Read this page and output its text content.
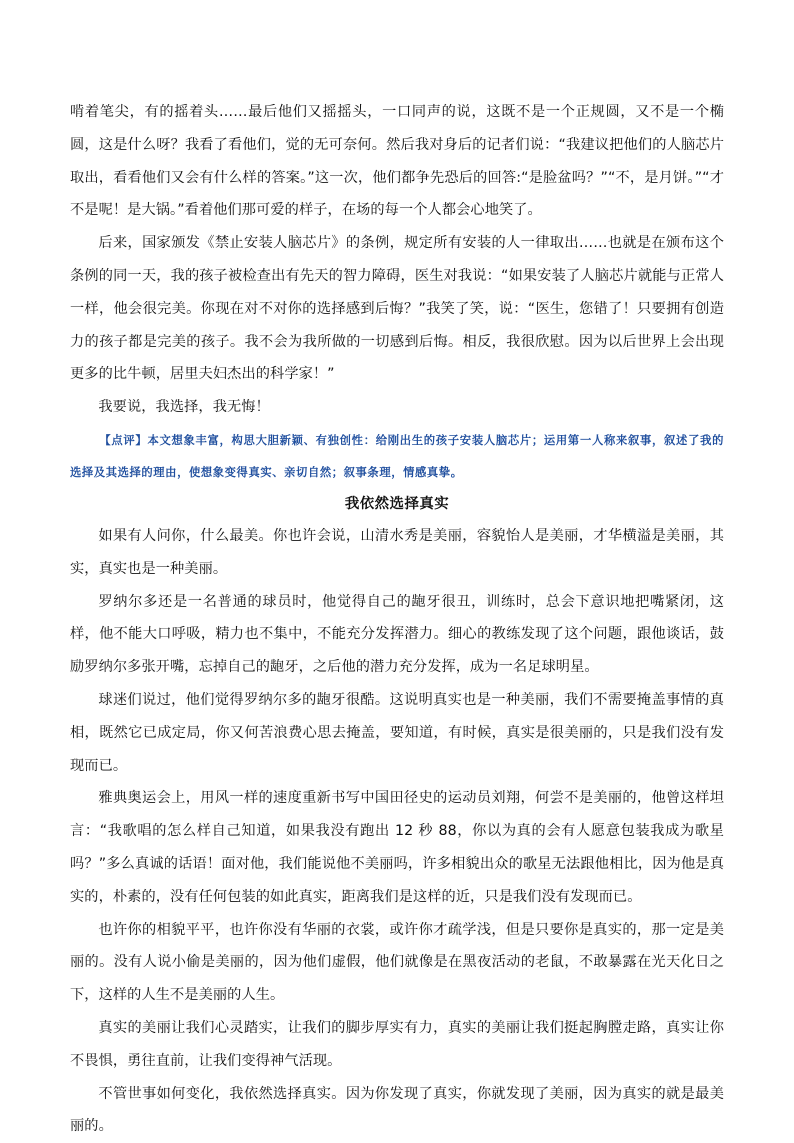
啃着笔尖，有的摇着头……最后他们又摇摇头，一口同声的说，这既不是一个正规圆，又不是一个椭圆，这是什么呀？我看了看他们，觉的无可奈何。然后我对身后的记者们说：“我建议把他们的人脑芯片取出，看看他们又会有什么样的答案。”这一次，他们都争先恐后的回答:“是脸盆吗？”“不，是月饼。”“才不是呢！是大锅。”看着他们那可爱的样子，在场的每一个人都会心地笑了。

后来，国家颁发《禁止安装人脑芯片》的条例，规定所有安装的人一律取出……也就是在颁布这个条例的同一天，我的孩子被检查出有先天的智力障碍，医生对我说：“如果安装了人脑芯片就能与正常人一样，他会很完美。你现在对不对你的选择感到后悔？”我笑了笑，说：“医生，您错了！只要拥有创造力的孩子都是完美的孩子。我不会为我所做的一切感到后悔。相反，我很欣慰。因为以后世界上会出现更多的比牛顿，居里夫妇杰出的科学家！”

我要说，我选择，我无悔！

【点评】本文想象丰富，构思大胆新颖、有独创性：给刚出生的孩子安装人脑芯片；运用第一人称来叙事，叙述了我的选择及其选择的理由，使想象变得真实、亲切自然；叙事条理，情感真挚。

我依然选择真实

如果有人问你，什么最美。你也许会说，山清水秀是美丽，容貌怡人是美丽，才华横溢是美丽，其实，真实也是一种美丽。

罗纳尔多还是一名普通的球员时，他觉得自己的龅牙很丑，训练时，总会下意识地把嘴紧闭，这样，他不能大口呼吸，精力也不集中，不能充分发挥潜力。细心的教练发现了这个问题，跟他谈话，鼓励罗纳尔多张开嘴，忘掉自己的龅牙，之后他的潜力充分发挥，成为一名足球明星。

球迷们说过，他们觉得罗纳尔多的龅牙很酷。这说明真实也是一种美丽，我们不需要掩盖事情的真相，既然它已成定局，你又何苦浪费心思去掩盖，要知道，有时候，真实是很美丽的，只是我们没有发现而已。

雅典奥运会上，用风一样的速度重新书写中国田径史的运动员刘翔，何尝不是美丽的，他曾这样坦言：“我歌唱的怎么样自己知道，如果我没有跑出 12 秒 88，你以为真的会有人愿意包装我成为歌星吗？”多么真诚的话语！面对他，我们能说他不美丽吗，许多相貌出众的歌星无法跟他相比，因为他是真实的，朴素的，没有任何包装的如此真实，距离我们是这样的近，只是我们没有发现而已。

也许你的相貌平平，也许你没有华丽的衣裳，或许你才疏学浅，但是只要你是真实的，那一定是美丽的。没有人说小偷是美丽的，因为他们虚假，他们就像是在黑夜活动的老鼠，不敢暴露在光天化日之下，这样的人生不是美丽的人生。

真实的美丽让我们心灵踏实，让我们的脚步厚实有力，真实的美丽让我们挺起胸膛走路，真实让你不畏惧，勇往直前，让我们变得神气活现。

不管世事如何变化，我依然选择真实。因为你发现了真实，你就发现了美丽，因为真实的就是最美丽的。
